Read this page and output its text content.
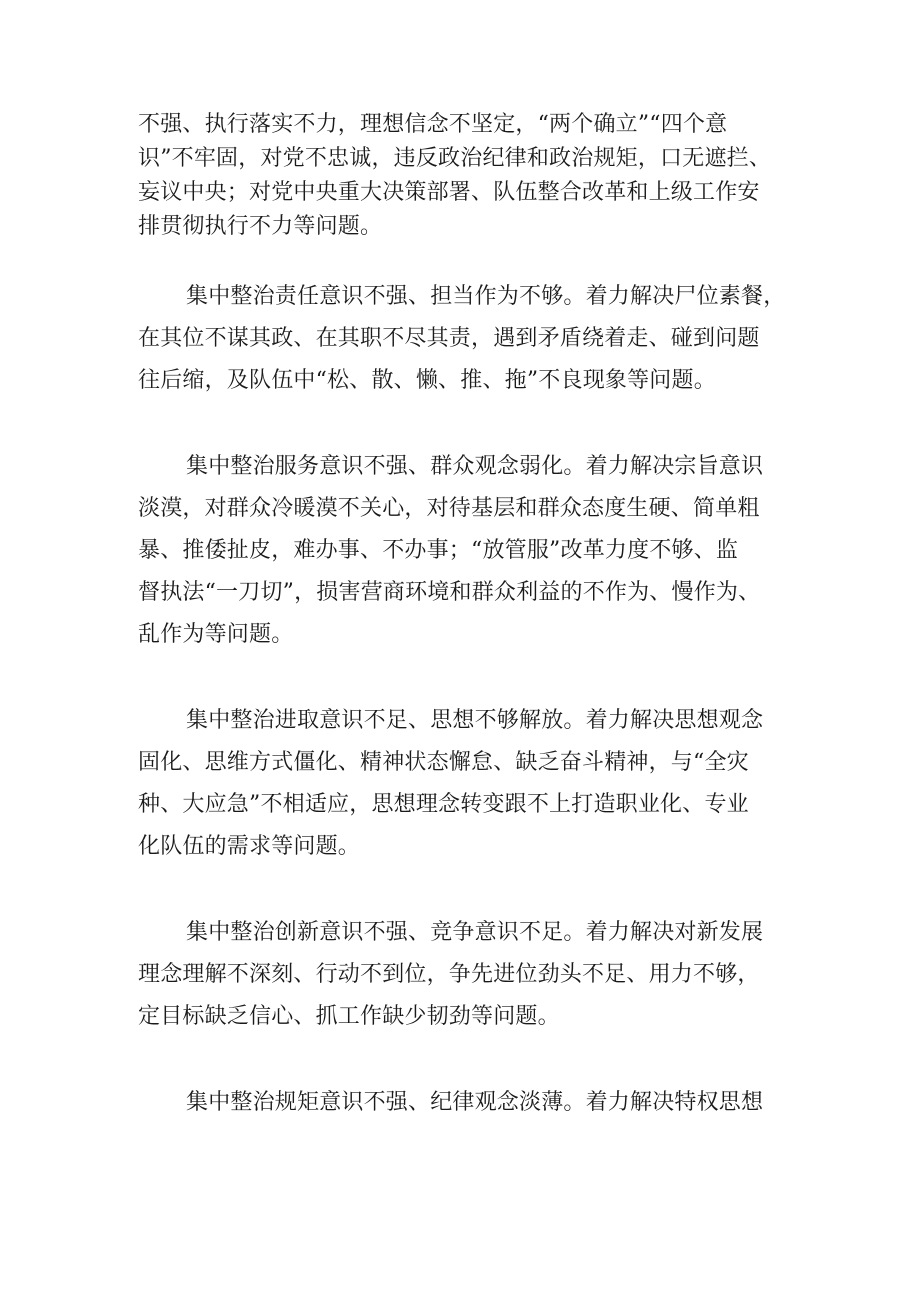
不强、执行落实不力，理想信念不坚定，“两个确立”“四个意
识”不牢固，对党不忠诚，违反政治纪律和政治规矩，口无遮拦、
妄议中央；对党中央重大决策部署、队伍整合改革和上级工作安
排贯彻执行不力等问题。
集中整治责任意识不强、担当作为不够。着力解决尸位素餐，
在其位不谋其政、在其职不尽其责，遇到矛盾绕着走、碰到问题
往后缩，及队伍中“松、散、懒、推、拖”不良现象等问题。
集中整治服务意识不强、群众观念弱化。着力解决宗旨意识
淡漠，对群众冷暖漠不关心，对待基层和群众态度生硬、简单粗
暴、推倭扯皮，难办事、不办事；“放管服”改革力度不够、监
督执法“一刀切”，损害营商环境和群众利益的不作为、慢作为、
乱作为等问题。
集中整治进取意识不足、思想不够解放。着力解决思想观念
固化、思维方式僵化、精神状态懈怠、缺乏奋斗精神，与“全灾
种、大应急”不相适应，思想理念转变跟不上打造职业化、专业
化队伍的需求等问题。
集中整治创新意识不强、竞争意识不足。着力解决对新发展
理念理解不深刻、行动不到位，争先进位劲头不足、用力不够，
定目标缺乏信心、抓工作缺少韧劲等问题。
集中整治规矩意识不强、纪律观念淡薄。着力解决特权思想
